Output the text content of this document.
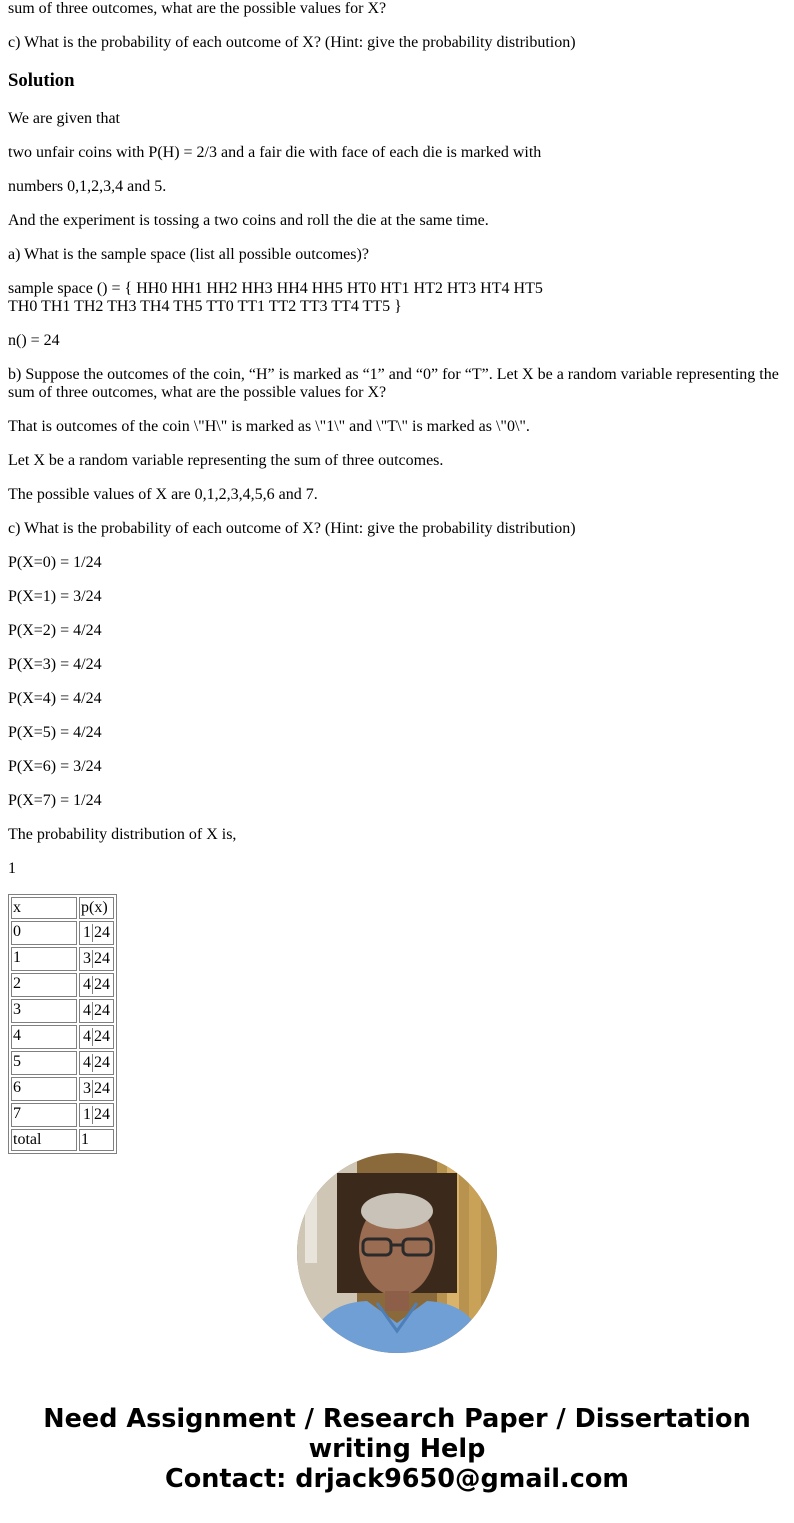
sum of three outcomes, what are the possible values for X?

c) What is the probability of each outcome of X? (Hint: give the probability distribution)

Solution

We are given that

two unfair coins with P(H) = 2/3 and a fair die with face of each die is marked with

numbers 0,1,2,3,4 and 5.

And the experiment is tossing a two coins and roll the die at the same time.

a) What is the sample space (list all possible outcomes)?

sample space () = { HH0 HH1 HH2 HH3 HH4 HH5 HT0 HT1 HT2 HT3 HT4 HT5
TH0 TH1 TH2 TH3 TH4 TH5 TT0 TT1 TT2 TT3 TT4 TT5 }

n() = 24

b) Suppose the outcomes of the coin, “H” is marked as “1” and “0” for “T”. Let X be a random variable representing the sum of three outcomes, what are the possible values for X?

That is outcomes of the coin \"H\" is marked as \"1\" and \"T\" is marked as \"0\".

Let X be a random variable representing the sum of three outcomes.

The possible values of X are 0,1,2,3,4,5,6 and 7.

c) What is the probability of each outcome of X? (Hint: give the probability distribution)

P(X=0) = 1/24

P(X=1) = 3/24

P(X=2) = 4/24

P(X=3) = 4/24

P(X=4) = 4/24

P(X=5) = 4/24

P(X=6) = 3/24

P(X=7) = 1/24

The probability distribution of X is,

1

x	p(x)
0	1 24
1	3 24
2	4 24
3	4 24
4	4 24
5	4 24
6	3 24
7	1 24
total	1
Need Assignment / Research Paper / Dissertation
writing Help
Contact: drjack9650@gmail.com
